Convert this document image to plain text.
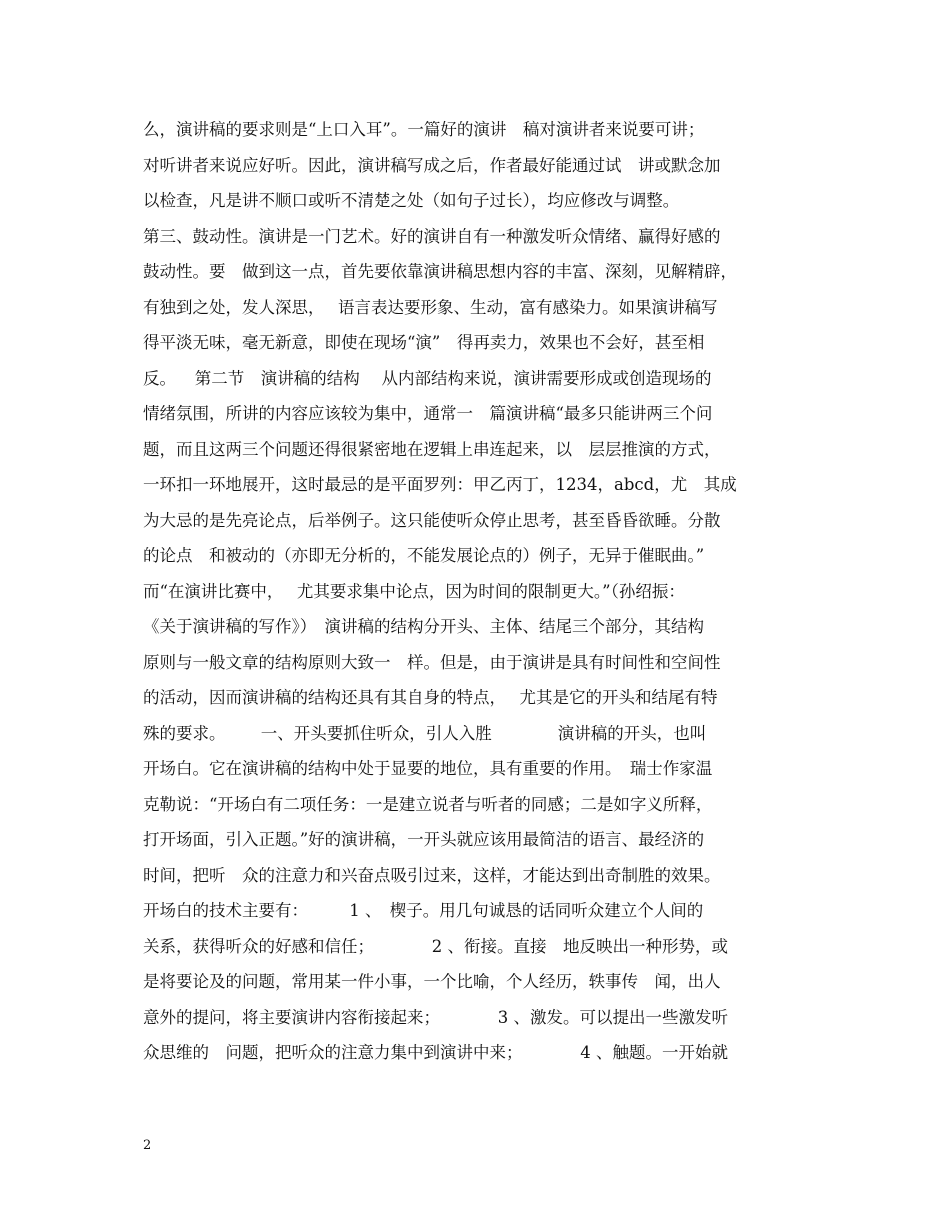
么，演讲稿的要求则是“上口入耳”。一篇好的演讲　稿对演讲者来说要可讲；
对听讲者来说应好听。因此，演讲稿写成之后，作者最好能通过试　讲或默念加
以检查，凡是讲不顺口或听不清楚之处（如句子过长），均应修改与调整。
第三、鼓动性。演讲是一门艺术。好的演讲自有一种激发听众情绪、赢得好感的
鼓动性。要　做到这一点，首先要依靠演讲稿思想内容的丰富、深刻，见解精辟，
有独到之处，发人深思，　 语言表达要形象、生动，富有感染力。如果演讲稿写
得平淡无味，毫无新意，即使在现场“演”　得再卖力，效果也不会好，甚至相
反。　  第二节　演讲稿的结构　 从内部结构来说，演讲需要形成或创造现场的
情绪氛围，所讲的内容应该较为集中，通常一　篇演讲稿“最多只能讲两三个问
题，而且这两三个问题还得很紧密地在逻辑上串连起来，以　层层推演的方式，
一环扣一环地展开，这时最忌的是平面罗列：甲乙丙丁，1234，abcd，尤　其成
为大忌的是先亮论点，后举例子。这只能使听众停止思考，甚至昏昏欲睡。分散
的论点　和被动的（亦即无分析的，不能发展论点的）例子，无异于催眠曲。”
而“在演讲比赛中，　 尤其要求集中论点，因为时间的限制更大。”（孙绍振：
《关于演讲稿的写作》）　演讲稿的结构分开头、主体、结尾三个部分，其结构
原则与一般文章的结构原则大致一　样。但是，由于演讲是具有时间性和空间性
的活动，因而演讲稿的结构还具有其自身的特点，　 尤其是它的开头和结尾有特
殊的要求。　　  一、开头要抓住听众，引人入胜　　　　演讲稿的开头，也叫
开场白。它在演讲稿的结构中处于显要的地位，具有重要的作用。　瑞士作家温
克勒说：“开场白有二项任务：一是建立说者与听者的同感；二是如字义所释，
打开场面，引入正题。”好的演讲稿，一开头就应该用最简洁的语言、最经济的
时间，把听　众的注意力和兴奋点吸引过来，这样，才能达到出奇制胜的效果。
开场白的技术主要有：　　　1 、　楔子。用几句诚恳的话同听众建立个人间的
关系，获得听众的好感和信任；　　　　2 、衔接。直接　地反映出一种形势，或
是将要论及的问题，常用某一件小事，一个比喻，个人经历，轶事传　闻，出人
意外的提问，将主要演讲内容衔接起来；　　　　3 、激发。可以提出一些激发听
众思维的　问题，把听众的注意力集中到演讲中来；　　　　4 、触题。一开始就
2
